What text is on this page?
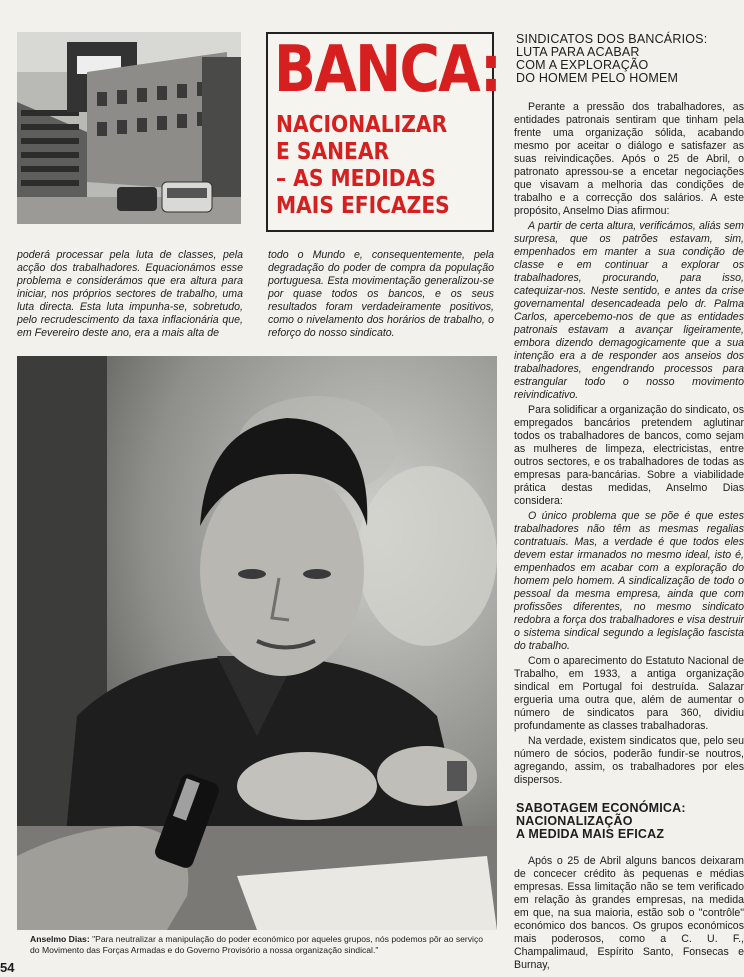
BANCA:
NACIONALIZAR
E SANEAR
– AS MEDIDAS
MAIS EFICAZES

poderá processar pela luta de classes, pela acção dos trabalhadores. Equacionámos esse problema e considerámos que era altura para iniciar, nos próprios sectores de trabalho, uma luta directa. Esta luta impunha-se, sobretudo, pelo recrudescimento da taxa inflacionária que, em Fevereiro deste ano, era a mais alta de

todo o Mundo e, consequentemente, pela degradação do poder de compra da população portuguesa. Esta movimentação generalizou-se por quase todos os bancos, e os seus resultados foram verdadeiramente positivos, como o nivelamento dos horários de trabalho, o reforço do nosso sindicato.

SINDICATOS DOS BANCÁRIOS:
LUTA PARA ACABAR
COM A EXPLORAÇÃO
DO HOMEM PELO HOMEM

Perante a pressão dos trabalhadores, as entidades patronais sentiram que tinham pela frente uma organização sólida, acabando mesmo por aceitar o diálogo e satisfazer as suas reivindicações. Após o 25 de Abril, o patronato apressou-se a encetar negociações que visavam a melhoria das condições de trabalho e a correcção dos salários. A este propósito, Anselmo Dias afirmou:

A partir de certa altura, verificámos, aliás sem surpresa, que os patrões estavam, sim, empenhados em manter a sua condição de classe e em continuar a explorar os trabalhadores, procurando, para isso, catequizar-nos. Neste sentido, e antes da crise governamental desencadeada pelo dr. Palma Carlos, apercebemo-nos de que as entidades patronais estavam a avançar ligeiramente, embora dizendo demagogicamente que a sua intenção era a de responder aos anseios dos trabalhadores, engendrando processos para estrangular todo o nosso movimento reivindicativo.

Para solidificar a organização do sindicato, os empregados bancários pretendem aglutinar todos os trabalhadores de bancos, como sejam as mulheres de limpeza, electricistas, entre outros sectores, e os trabalhadores de todas as empresas para-bancárias. Sobre a viabilidade prática destas medidas, Anselmo Dias considera:

O único problema que se põe é que estes trabalhadores não têm as mesmas regalias contratuais. Mas, a verdade é que todos eles devem estar irmanados no mesmo ideal, isto é, empenhados em acabar com a exploração do homem pelo homem. A sindicalização de todo o pessoal da mesma empresa, ainda que com profissões diferentes, no mesmo sindicato redobra a força dos trabalhadores e visa destruir o sistema sindical segundo a legislação fascista do trabalho.

Com o aparecimento do Estatuto Nacional de Trabalho, em 1933, a antiga organização sindical em Portugal foi destruída. Salazar ergueria uma outra que, além de aumentar o número de sindicatos para 360, dividiu profundamente as classes trabalhadoras.

Na verdade, existem sindicatos que, pelo seu número de sócios, poderão fundir-se noutros, agregando, assim, os trabalhadores por eles dispersos.

SABOTAGEM ECONÓMICA:
NACIONALIZAÇÃO
A MEDIDA MAIS EFICAZ

Após o 25 de Abril alguns bancos deixaram de concecer crédito às pequenas e médias empresas. Essa limitação não se tem verificado em relação às grandes empresas, na medida em que, na sua maioria, estão sob o "contrôle" económico dos bancos. Os grupos económicos mais poderosos, como a C. U. F., Champalimaud, Espírito Santo, Fonsecas e Burnay,

Anselmo Dias: "Para neutralizar a manipulação do poder económico por aqueles grupos, nós podemos pôr ao serviço do Movimento das Forças Armadas e do Governo Provisório a nossa organização sindical."
54
